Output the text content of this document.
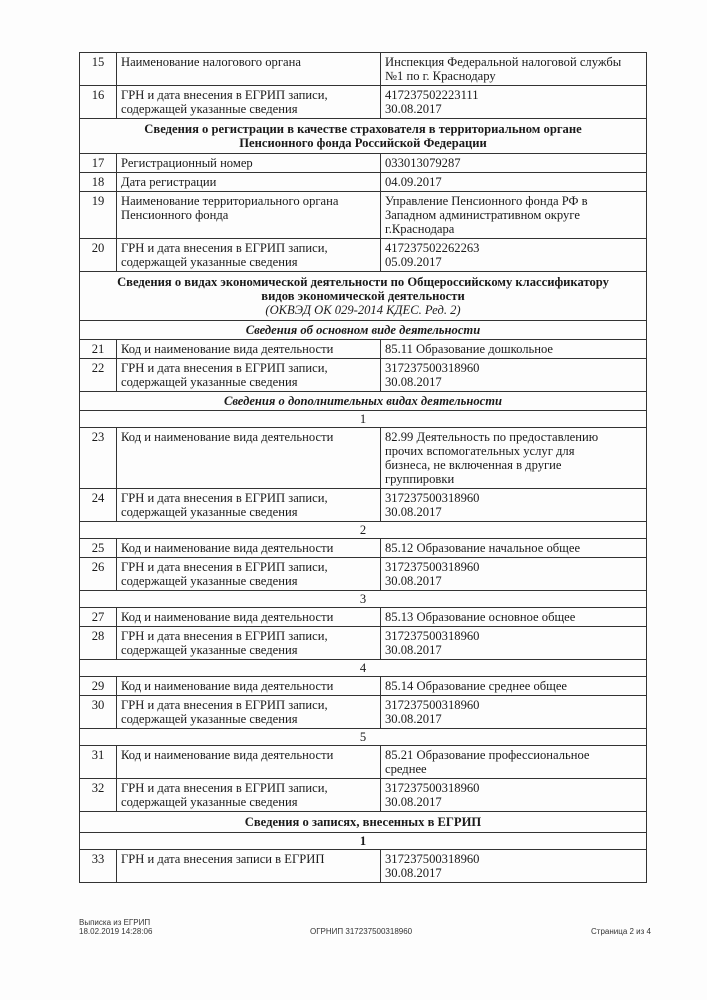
15	Наименование налогового органа	Инспекция Федеральной налоговой службы
№1 по г. Краснодару

16	ГРН и дата внесения в ЕГРИП записи,
содержащей указанные сведения	417237502223111
30.08.2017

Сведения о регистрации в качестве страхователя в территориальном органе
Пенсионного фонда Российской Федерации		

17	Регистрационный номер	033013079287
18	Дата регистрации	04.09.2017
19	Наименование территориального органа
Пенсионного фонда	Управление Пенсионного фонда РФ в
Западном административном округе
г.Краснодара

20	ГРН и дата внесения в ЕГРИП записи,
содержащей указанные сведения	417237502262263
05.09.2017

Сведения о видах экономической деятельности по Общероссийскому классификатору
видов экономической деятельности
(ОКВЭД ОК 029-2014 КДЕС. Ред. 2)		

Сведения об основном виде деятельности		
21	Код и наименование вида деятельности	85.11 Образование дошкольное
22	ГРН и дата внесения в ЕГРИП записи,
содержащей указанные сведения	317237500318960
30.08.2017

Сведения о дополнительных видах деятельности		
1		
23	Код и наименование вида деятельности	82.99 Деятельность по предоставлению
прочих вспомогательных услуг для
бизнеса, не включенная в другие
группировки

24	ГРН и дата внесения в ЕГРИП записи,
содержащей указанные сведения	317237500318960
30.08.2017

2		
25	Код и наименование вида деятельности	85.12 Образование начальное общее
26	ГРН и дата внесения в ЕГРИП записи,
содержащей указанные сведения	317237500318960
30.08.2017

3		
27	Код и наименование вида деятельности	85.13 Образование основное общее
28	ГРН и дата внесения в ЕГРИП записи,
содержащей указанные сведения	317237500318960
30.08.2017

4		
29	Код и наименование вида деятельности	85.14 Образование среднее общее
30	ГРН и дата внесения в ЕГРИП записи,
содержащей указанные сведения	317237500318960
30.08.2017

5		
31	Код и наименование вида деятельности	85.21 Образование профессиональное
среднее

32	ГРН и дата внесения в ЕГРИП записи,
содержащей указанные сведения	317237500318960
30.08.2017

Сведения о записях, внесенных в ЕГРИП		
1		
33	ГРН и дата внесения записи в ЕГРИП	317237500318960
30.08.2017
Выписка из ЕГРИП
18.02.2019 14:28:06	ОГРНИП 317237500318960	Страница 2 из 4
